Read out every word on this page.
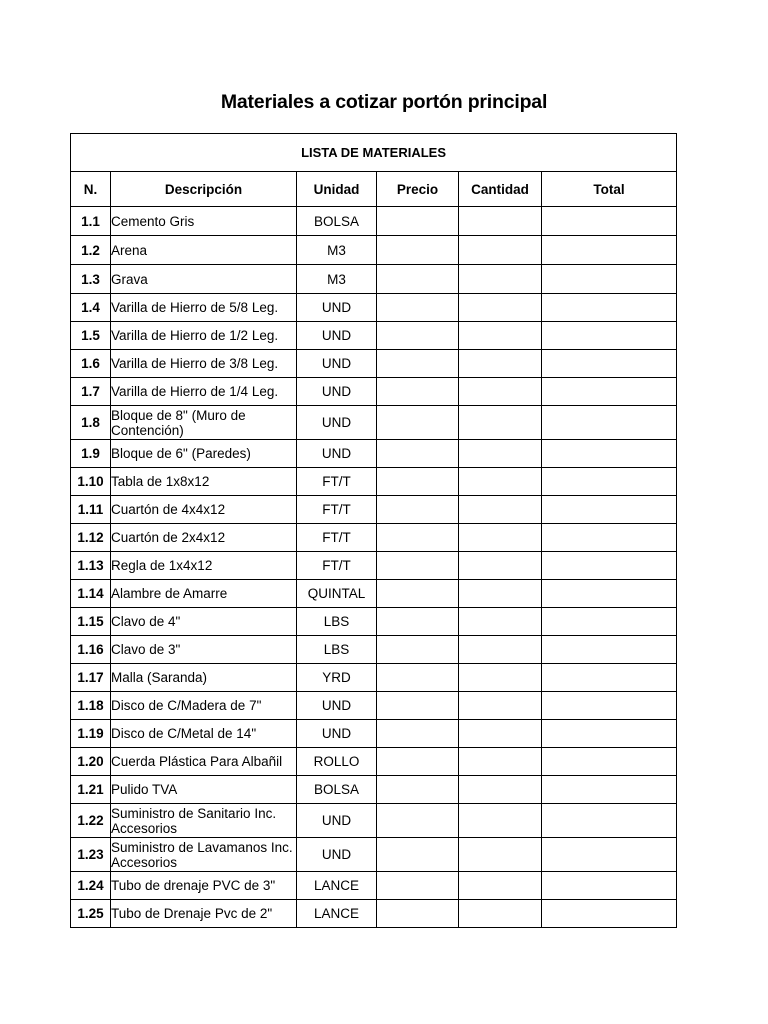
Materiales a cotizar portón principal
LISTA DE MATERIALES					
N.	Descripción	Unidad	Precio	Cantidad	Total
1.1	Cemento Gris	BOLSA			
1.2	Arena	M3			
1.3	Grava	M3			
1.4	Varilla de Hierro de 5/8 Leg.	UND			
1.5	Varilla de Hierro de 1/2 Leg.	UND			
1.6	Varilla de Hierro de 3/8 Leg.	UND			
1.7	Varilla de Hierro de 1/4 Leg.	UND			
1.8	Bloque de 8" (Muro de Contención)	UND			
1.9	Bloque de 6" (Paredes)	UND			
1.10	Tabla de 1x8x12	FT/T			
1.11	Cuartón de 4x4x12	FT/T			
1.12	Cuartón de 2x4x12	FT/T			
1.13	Regla de 1x4x12	FT/T			
1.14	Alambre de Amarre	QUINTAL			
1.15	Clavo de 4"	LBS			
1.16	Clavo de 3"	LBS			
1.17	Malla (Saranda)	YRD			
1.18	Disco de C/Madera de 7"	UND			
1.19	Disco de C/Metal de 14"	UND			
1.20	Cuerda Plástica Para Albañil	ROLLO			
1.21	Pulido TVA	BOLSA			
1.22	Suministro de Sanitario Inc. Accesorios	UND			
1.23	Suministro de Lavamanos Inc. Accesorios	UND			
1.24	Tubo de drenaje PVC de 3"	LANCE			
1.25	Tubo de Drenaje Pvc de 2"	LANCE			
